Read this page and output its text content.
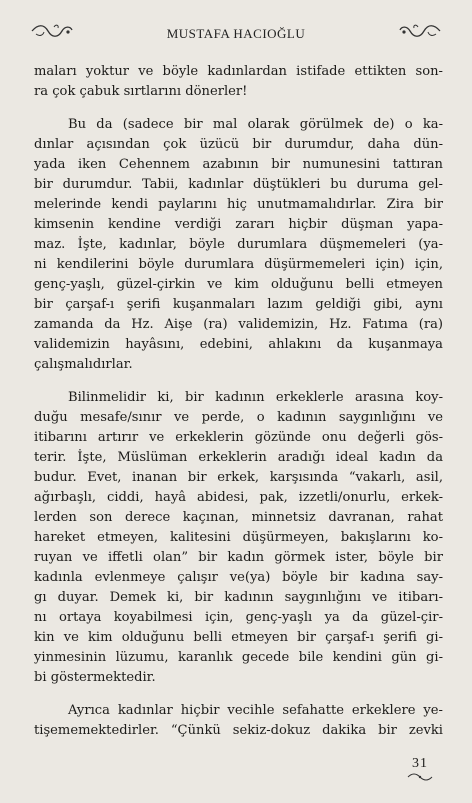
MUSTAFA HACIOĞLU
maları yoktur ve böyle kadınlardan istifade ettikten son-
ra çok çabuk sırtlarını dönerler!
Bu da (sadece bir mal olarak görülmek de) o ka-
dınlar açısından çok üzücü bir durumdur, daha dün-
yada iken Cehennem azabının bir numunesini tattıran
bir durumdur. Tabii, kadınlar düştükleri bu duruma gel-
melerinde kendi paylarını hiç unutmamalıdırlar. Zira bir
kimsenin kendine verdiği zararı hiçbir düşman yapa-
maz. İşte, kadınlar, böyle durumlara düşmemeleri (ya-
ni kendilerini böyle durumlara düşürmemeleri için) için,
genç-yaşlı, güzel-çirkin ve kim olduğunu belli etmeyen
bir çarşaf-ı şerifi kuşanmaları lazım geldiği gibi, aynı
zamanda da Hz. Aişe (ra) validemizin, Hz. Fatıma (ra)
validemizin hayâsını, edebini, ahlakını da kuşanmaya
çalışmalıdırlar.
Bilinmelidir ki, bir kadının erkeklerle arasına koy-
duğu mesafe/sınır ve perde, o kadının saygınlığını ve
itibarını artırır ve erkeklerin gözünde onu değerli gös-
terir. İşte, Müslüman erkeklerin aradığı ideal kadın da
budur. Evet, inanan bir erkek, karşısında “vakarlı, asil,
ağırbaşlı, ciddi, hayâ abidesi, pak, izzetli/onurlu, erkek-
lerden son derece kaçınan, minnetsiz davranan, rahat
hareket etmeyen, kalitesini düşürmeyen, bakışlarını ko-
ruyan ve iffetli olan” bir kadın görmek ister, böyle bir
kadınla evlenmeye çalışır ve(ya) böyle bir kadına say-
gı duyar. Demek ki, bir kadının saygınlığını ve itibarı-
nı ortaya koyabilmesi için, genç-yaşlı ya da güzel-çir-
kin ve kim olduğunu belli etmeyen bir çarşaf-ı şerifi gi-
yinmesinin lüzumu, karanlık gecede bile kendini gün gi-
bi göstermektedir.
Ayrıca kadınlar hiçbir vecihle sefahatte erkeklere ye-
tişememektedirler. “Çünkü sekiz-dokuz dakika bir zevki
31
